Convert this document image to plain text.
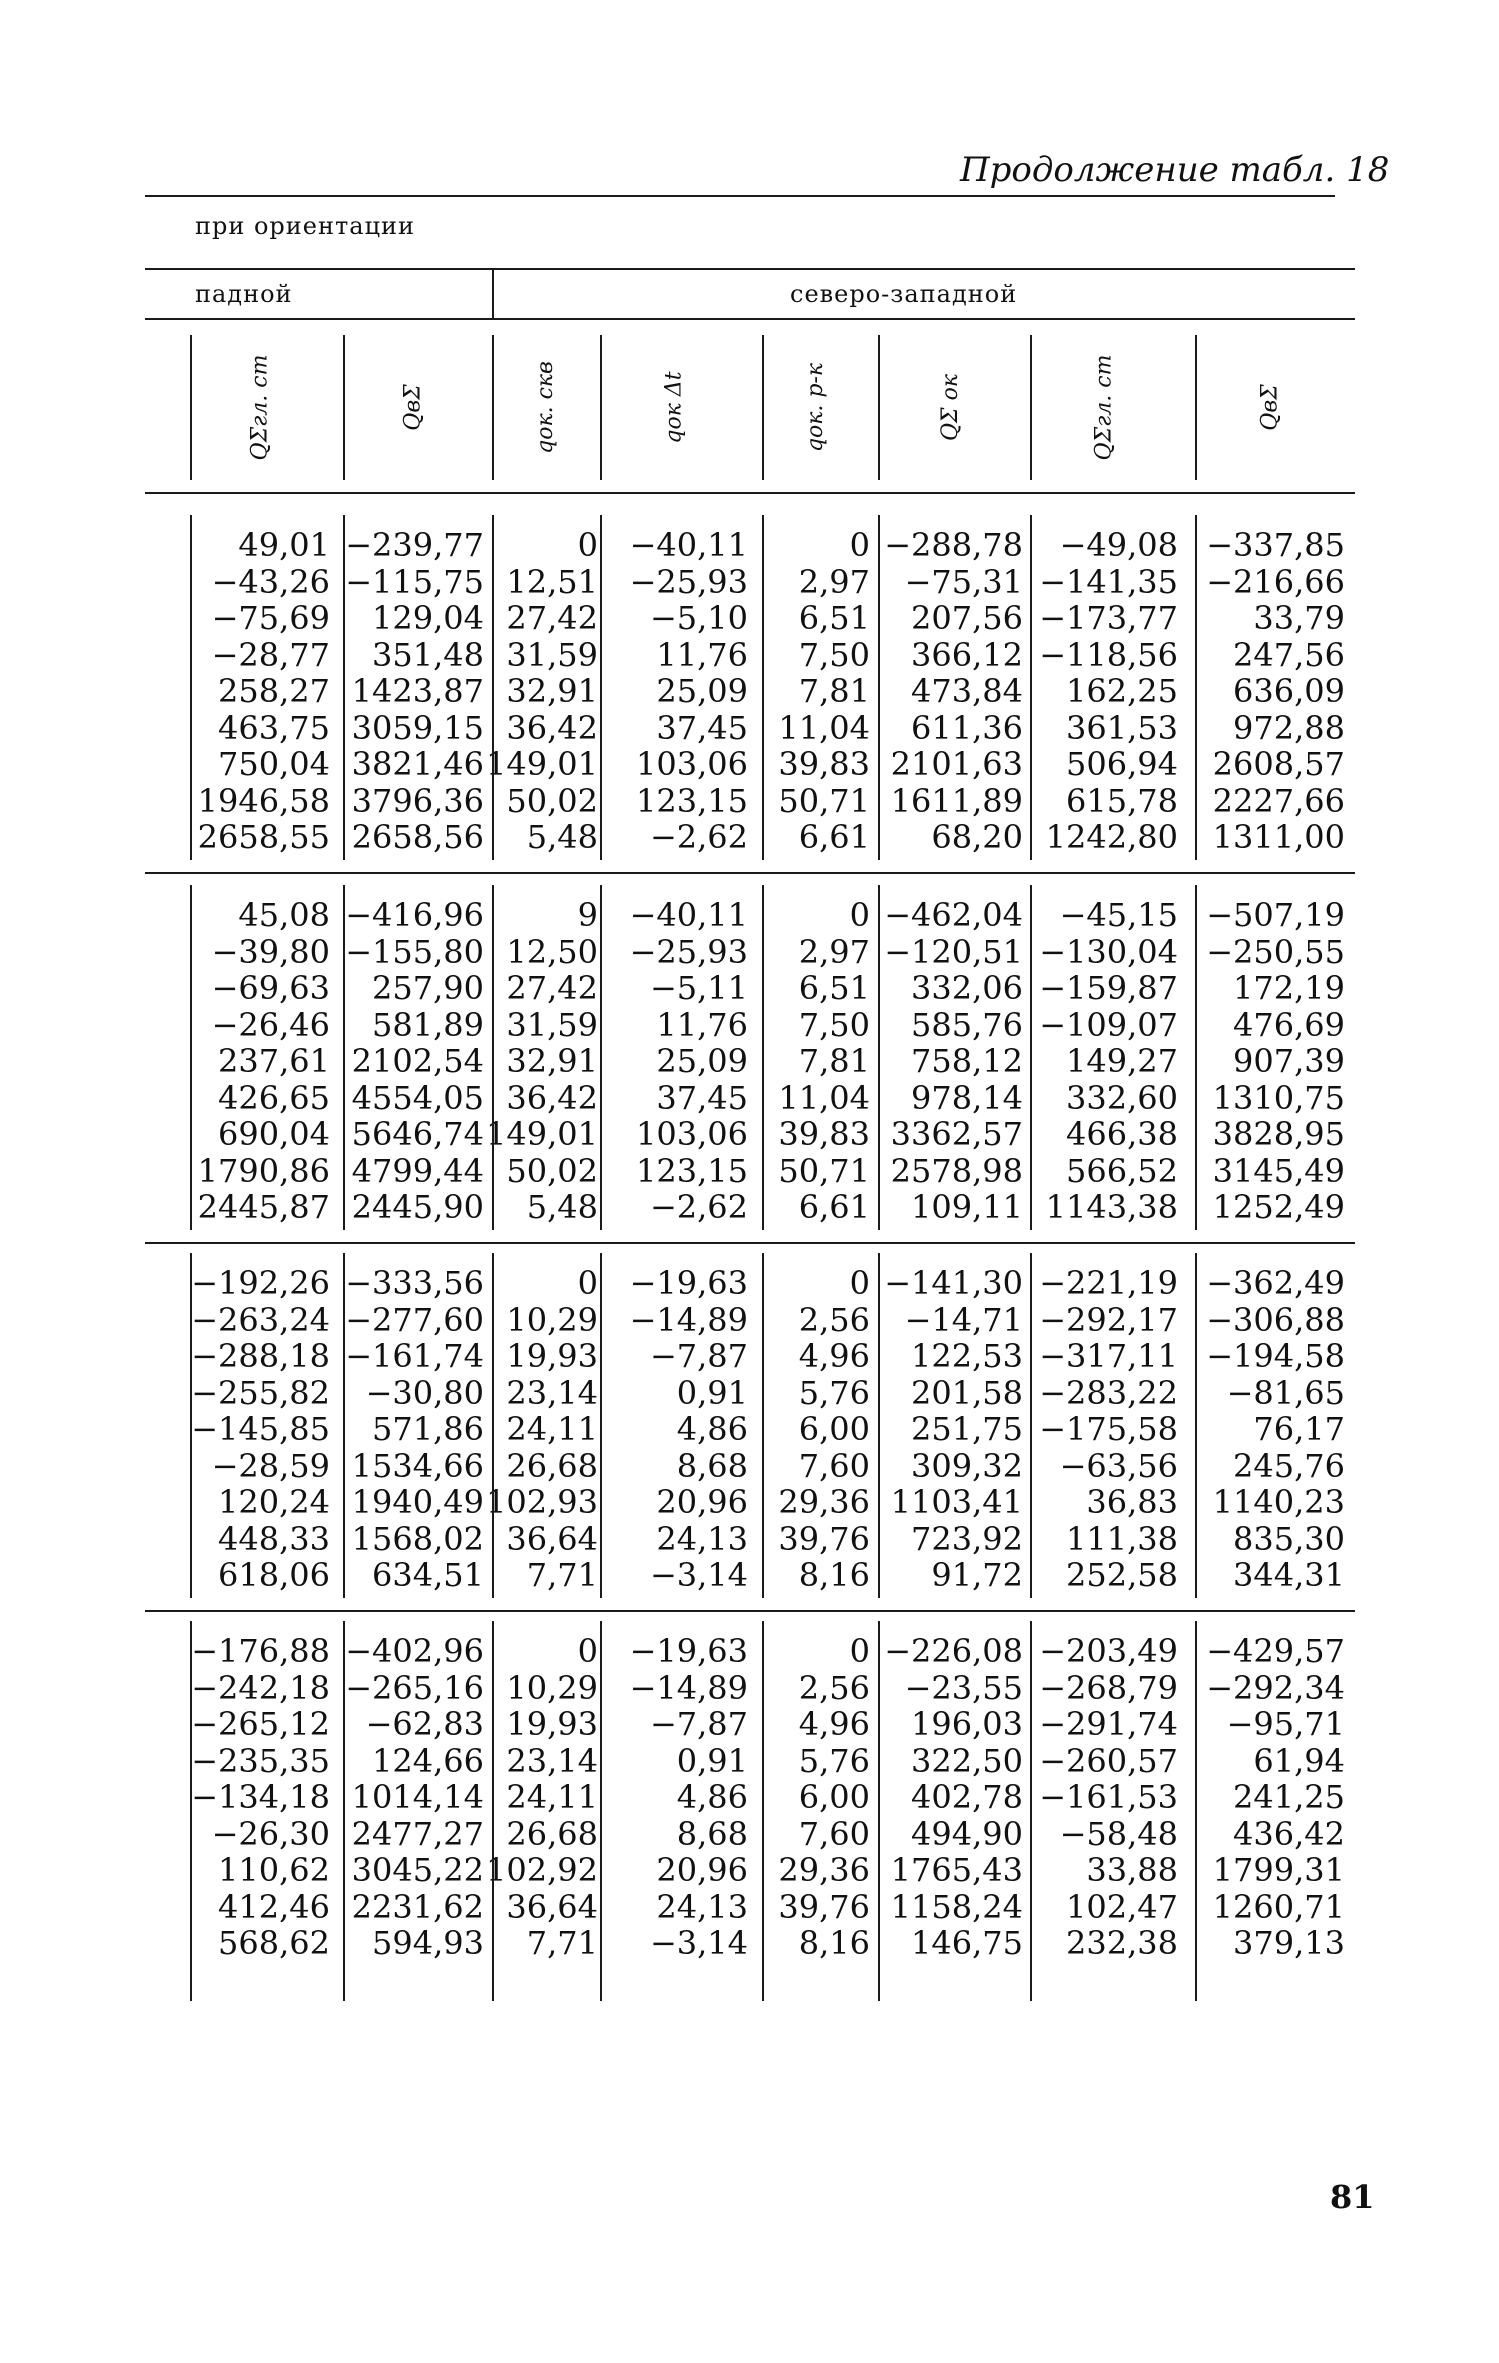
Продолжение табл. 18
при ориентации
падной	северо-западной
QΣгл. ст	QвΣ	qок. скв	qок Δt	qок. р-к	QΣ ок	QΣгл. ст	QвΣ
49,01 −239,77	0 −40,11	0 −288,78 −49,08 −337,85
−43,26 −115,75 12,51 −25,93 2,97 −75,31 −141,35 −216,66
−75,69 129,04 27,42 −5,10 6,51 207,56 −173,77 33,79
−28,77 351,48 31,59 11,76 7,50 366,12 −118,56 247,56
258,27 1423,87 32,91 25,09 7,81 473,84 162,25 636,09
463,75 3059,15 36,42 37,45 11,04 611,36 361,53 972,88
750,04 3821,46 149,01 103,06 39,83 2101,63 506,94 2608,57
1946,58 3796,36 50,02 123,15 50,71 1611,89 615,78 2227,66
2658,55 2658,56 5,48 −2,62 6,61 68,20 1242,80 1311,00
45,08 −416,96	9 −40,11	0 −462,04 −45,15 −507,19
−39,80 −155,80 12,50 −25,93 2,97 −120,51 −130,04 −250,55
−69,63 257,90 27,42 −5,11 6,51 332,06 −159,87 172,19
−26,46 581,89 31,59 11,76 7,50 585,76 −109,07 476,69
237,61 2102,54 32,91 25,09 7,81 758,12 149,27 907,39
426,65 4554,05 36,42 37,45 11,04 978,14 332,60 1310,75
690,04 5646,74 149,01 103,06 39,83 3362,57 466,38 3828,95
1790,86 4799,44 50,02 123,15 50,71 2578,98 566,52 3145,49
2445,87 2445,90 5,48 −2,62 6,61 109,11 1143,38 1252,49
−192,26 −333,56	0 −19,63	0 −141,30 −221,19 −362,49
−263,24 −277,60 10,29 −14,89 2,56 −14,71 −292,17 −306,88
−288,18 −161,74 19,93 −7,87 4,96 122,53 −317,11 −194,58
−255,82 −30,80 23,14 0,91 5,76 201,58 −283,22 −81,65
−145,85 571,86 24,11 4,86 6,00 251,75 −175,58 76,17
−28,59 1534,66 26,68 8,68 7,60 309,32 −63,56 245,76
120,24 1940,49 102,93 20,96 29,36 1103,41 36,83 1140,23
448,33 1568,02 36,64 24,13 39,76 723,92 111,38 835,30
618,06 634,51 7,71 −3,14 8,16 91,72 252,58 344,31
−176,88 −402,96	0 −19,63	0 −226,08 −203,49 −429,57
−242,18 −265,16 10,29 −14,89 2,56 −23,55 −268,79 −292,34
−265,12 −62,83 19,93 −7,87 4,96 196,03 −291,74 −95,71
−235,35 124,66 23,14 0,91 5,76 322,50 −260,57 61,94
−134,18 1014,14 24,11 4,86 6,00 402,78 −161,53 241,25
−26,30 2477,27 26,68 8,68 7,60 494,90 −58,48 436,42
110,62 3045,22 102,92 20,96 29,36 1765,43 33,88 1799,31
412,46 2231,62 36,64 24,13 39,76 1158,24 102,47 1260,71
568,62 594,93 7,71 −3,14 8,16 146,75 232,38 379,13
81
